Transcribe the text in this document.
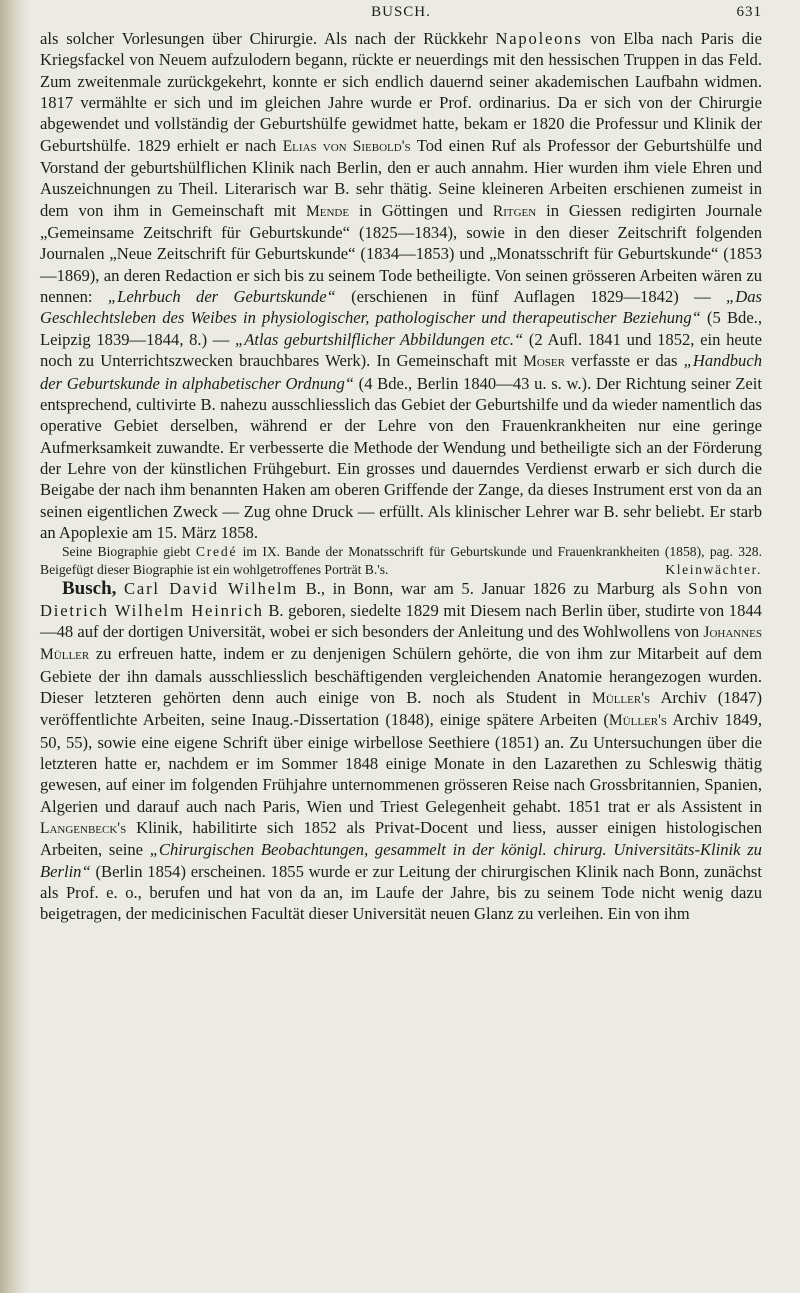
BUSCH.	631

als solcher Vorlesungen über Chirurgie. Als nach der Rückkehr Napoleons von Elba nach Paris die Kriegsfackel von Neuem aufzulodern begann, rückte er neuerdings mit den hessischen Truppen in das Feld. Zum zweitenmale zurückgekehrt, konnte er sich endlich dauernd seiner akademischen Laufbahn widmen. 1817 vermählte er sich und im gleichen Jahre wurde er Prof. ordinarius. Da er sich von der Chirurgie abgewendet und vollständig der Geburtshülfe gewidmet hatte, bekam er 1820 die Professur und Klinik der Geburtshülfe. 1829 erhielt er nach Elias von Siebold's Tod einen Ruf als Professor der Geburtshülfe und Vorstand der geburtshülflichen Klinik nach Berlin, den er auch annahm. Hier wurden ihm viele Ehren und Auszeichnungen zu Theil. Literarisch war B. sehr thätig. Seine kleineren Arbeiten erschienen zumeist in dem von ihm in Gemeinschaft mit Mende in Göttingen und Ritgen in Giessen redigirten Journale „Gemeinsame Zeitschrift für Geburtskunde“ (1825—1834), sowie in den dieser Zeitschrift folgenden Journalen „Neue Zeitschrift für Geburtskunde“ (1834—1853) und „Monatsschrift für Geburtskunde“ (1853—1869), an deren Redaction er sich bis zu seinem Tode betheiligte. Von seinen grösseren Arbeiten wären zu nennen: „Lehrbuch der Geburtskunde“ (erschienen in fünf Auflagen 1829—1842) — „Das Geschlechtsleben des Weibes in physiologischer, pathologischer und therapeutischer Beziehung“ (5 Bde., Leipzig 1839—1844, 8.) — „Atlas geburtshilflicher Abbildungen etc.“ (2 Aufl. 1841 und 1852, ein heute noch zu Unterrichtszwecken brauchbares Werk). In Gemeinschaft mit Moser verfasste er das „Handbuch der Geburtskunde in alphabetischer Ordnung“ (4 Bde., Berlin 1840—43 u. s. w.). Der Richtung seiner Zeit entsprechend, cultivirte B. nahezu ausschliesslich das Gebiet der Geburtshilfe und da wieder namentlich das operative Gebiet derselben, während er der Lehre von den Frauenkrankheiten nur eine geringe Aufmerksamkeit zuwandte. Er verbesserte die Methode der Wendung und betheiligte sich an der Förderung der Lehre von der künstlichen Frühgeburt. Ein grosses und dauerndes Verdienst erwarb er sich durch die Beigabe der nach ihm benannten Haken am oberen Griffende der Zange, da dieses Instrument erst von da an seinen eigentlichen Zweck — Zug ohne Druck — erfüllt. Als klinischer Lehrer war B. sehr beliebt. Er starb an Apoplexie am 15. März 1858.

Seine Biographie giebt Credé im IX. Bande der Monatsschrift für Geburtskunde und Frauenkrankheiten (1858), pag. 328. Beigefügt dieser Biographie ist ein wohlgetroffenes Porträt B.'s.	Kleinwächter.

Busch, Carl David Wilhelm B., in Bonn, war am 5. Januar 1826 zu Marburg als Sohn von Dietrich Wilhelm Heinrich B. geboren, siedelte 1829 mit Diesem nach Berlin über, studirte von 1844—48 auf der dortigen Universität, wobei er sich besonders der Anleitung und des Wohlwollens von Johannes Müller zu erfreuen hatte, indem er zu denjenigen Schülern gehörte, die von ihm zur Mitarbeit auf dem Gebiete der ihn damals ausschliesslich beschäftigenden vergleichenden Anatomie herangezogen wurden. Dieser letzteren gehörten denn auch einige von B. noch als Student in Müller's Archiv (1847) veröffentlichte Arbeiten, seine Inaug.-Dissertation (1848), einige spätere Arbeiten (Müller's Archiv 1849, 50, 55), sowie eine eigene Schrift über einige wirbellose Seethiere (1851) an. Zu Untersuchungen über die letzteren hatte er, nachdem er im Sommer 1848 einige Monate in den Lazarethen zu Schleswig thätig gewesen, auf einer im folgenden Frühjahre unternommenen grösseren Reise nach Grossbritannien, Spanien, Algerien und darauf auch nach Paris, Wien und Triest Gelegenheit gehabt. 1851 trat er als Assistent in Langenbeck's Klinik, habilitirte sich 1852 als Privat-Docent und liess, ausser einigen histologischen Arbeiten, seine „Chirurgischen Beobachtungen, gesammelt in der königl. chirurg. Universitäts-Klinik zu Berlin“ (Berlin 1854) erscheinen. 1855 wurde er zur Leitung der chirurgischen Klinik nach Bonn, zunächst als Prof. e. o., berufen und hat von da an, im Laufe der Jahre, bis zu seinem Tode nicht wenig dazu beigetragen, der medicinischen Facultät dieser Universität neuen Glanz zu verleihen. Ein von ihm
